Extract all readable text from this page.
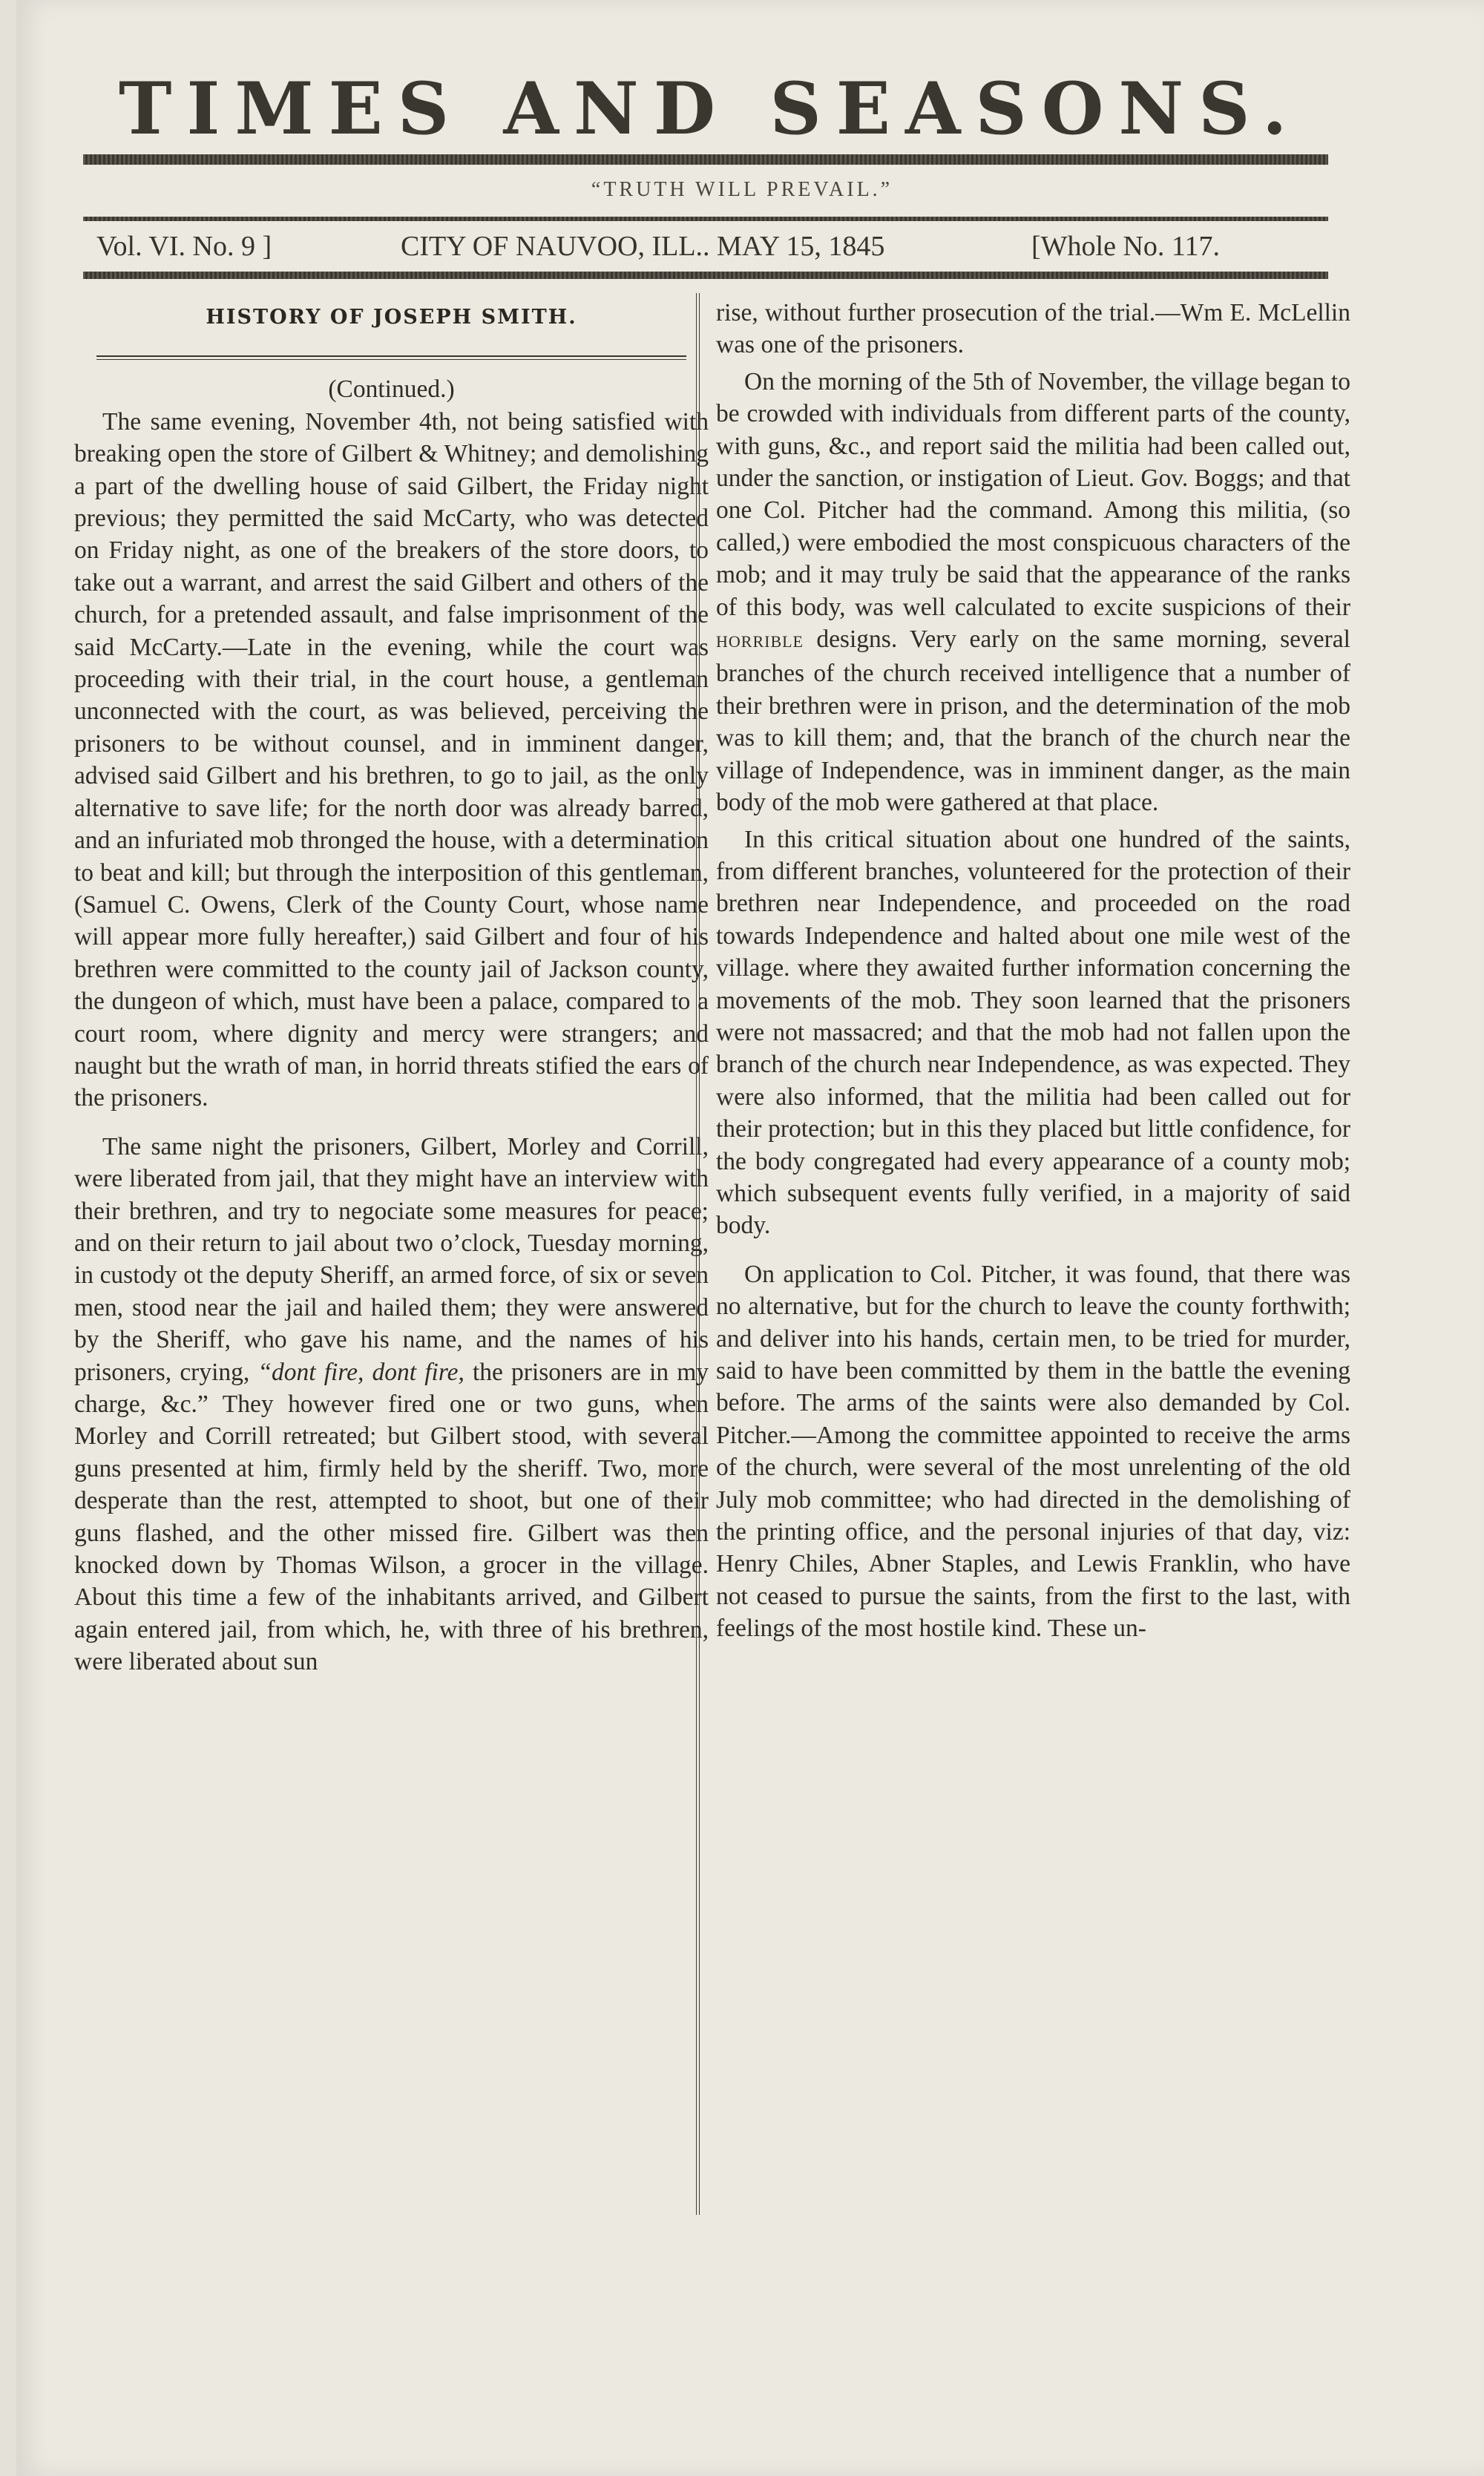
TIMES AND SEASONS.
“TRUTH WILL PREVAIL.”
Vol. VI. No. 9 ]	CITY OF NAUVOO, ILL.. MAY 15, 1845	[Whole No. 117.
HISTORY OF JOSEPH SMITH.

(Continued.)

The same evening, November 4th, not being satisfied with breaking open the store of Gilbert & Whitney; and demolishing a part of the dwelling house of said Gilbert, the Friday night previous; they permitted the said McCarty, who was detected on Friday night, as one of the breakers of the store doors, to take out a warrant, and arrest the said Gilbert and others of the church, for a pretended assault, and false imprisonment of the said McCarty.—Late in the evening, while the court was proceeding with their trial, in the court house, a gentleman unconnected with the court, as was believed, perceiving the prisoners to be without counsel, and in imminent danger, advised said Gilbert and his brethren, to go to jail, as the only alternative to save life; for the north door was already barred, and an infuriated mob thronged the house, with a determination to beat and kill; but through the interposition of this gentleman, (Samuel C. Owens, Clerk of the County Court, whose name will appear more fully hereafter,) said Gilbert and four of his brethren were committed to the county jail of Jackson county, the dungeon of which, must have been a palace, compared to a court room, where dignity and mercy were strangers; and naught but the wrath of man, in horrid threats stified the ears of the prisoners.

The same night the prisoners, Gilbert, Morley and Corrill, were liberated from jail, that they might have an interview with their brethren, and try to negociate some measures for peace; and on their return to jail about two o’clock, Tuesday morning, in custody ot the deputy Sheriff, an armed force, of six or seven men, stood near the jail and hailed them; they were answered by the Sheriff, who gave his name, and the names of his prisoners, crying, “dont fire, dont fire, the prisoners are in my charge, &c.” They however fired one or two guns, when Morley and Corrill retreated; but Gilbert stood, with several guns presented at him, firmly held by the sheriff. Two, more desperate than the rest, attempted to shoot, but one of their guns flashed, and the other missed fire. Gilbert was then knocked down by Thomas Wilson, a grocer in the village. About this time a few of the inhabitants arrived, and Gilbert again entered jail, from which, he, with three of his brethren, were liberated about sun

rise, without further prosecution of the trial.—Wm E. McLellin was one of the prisoners.

On the morning of the 5th of November, the village began to be crowded with individuals from different parts of the county, with guns, &c., and report said the militia had been called out, under the sanction, or instigation of Lieut. Gov. Boggs; and that one Col. Pitcher had the command. Among this militia, (so called,) were embodied the most conspicuous characters of the mob; and it may truly be said that the appearance of the ranks of this body, was well calculated to excite suspicions of their HORRIBLE designs. Very early on the same morning, several branches of the church received intelligence that a number of their brethren were in prison, and the determination of the mob was to kill them; and, that the branch of the church near the village of Independence, was in imminent danger, as the main body of the mob were gathered at that place.

In this critical situation about one hundred of the saints, from different branches, volunteered for the protection of their brethren near Independence, and proceeded on the road towards Independence and halted about one mile west of the village. where they awaited further information concerning the movements of the mob. They soon learned that the prisoners were not massacred; and that the mob had not fallen upon the branch of the church near Independence, as was expected. They were also informed, that the militia had been called out for their protection; but in this they placed but little confidence, for the body congregated had every appearance of a county mob; which subsequent events fully verified, in a majority of said body.

On application to Col. Pitcher, it was found, that there was no alternative, but for the church to leave the county forthwith; and deliver into his hands, certain men, to be tried for murder, said to have been committed by them in the battle the evening before. The arms of the saints were also demanded by Col. Pitcher.—Among the committee appointed to receive the arms of the church, were several of the most unrelenting of the old July mob committee; who had directed in the demolishing of the printing office, and the personal injuries of that day, viz: Henry Chiles, Abner Staples, and Lewis Franklin, who have not ceased to pursue the saints, from the first to the last, with feelings of the most hostile kind. These un-
